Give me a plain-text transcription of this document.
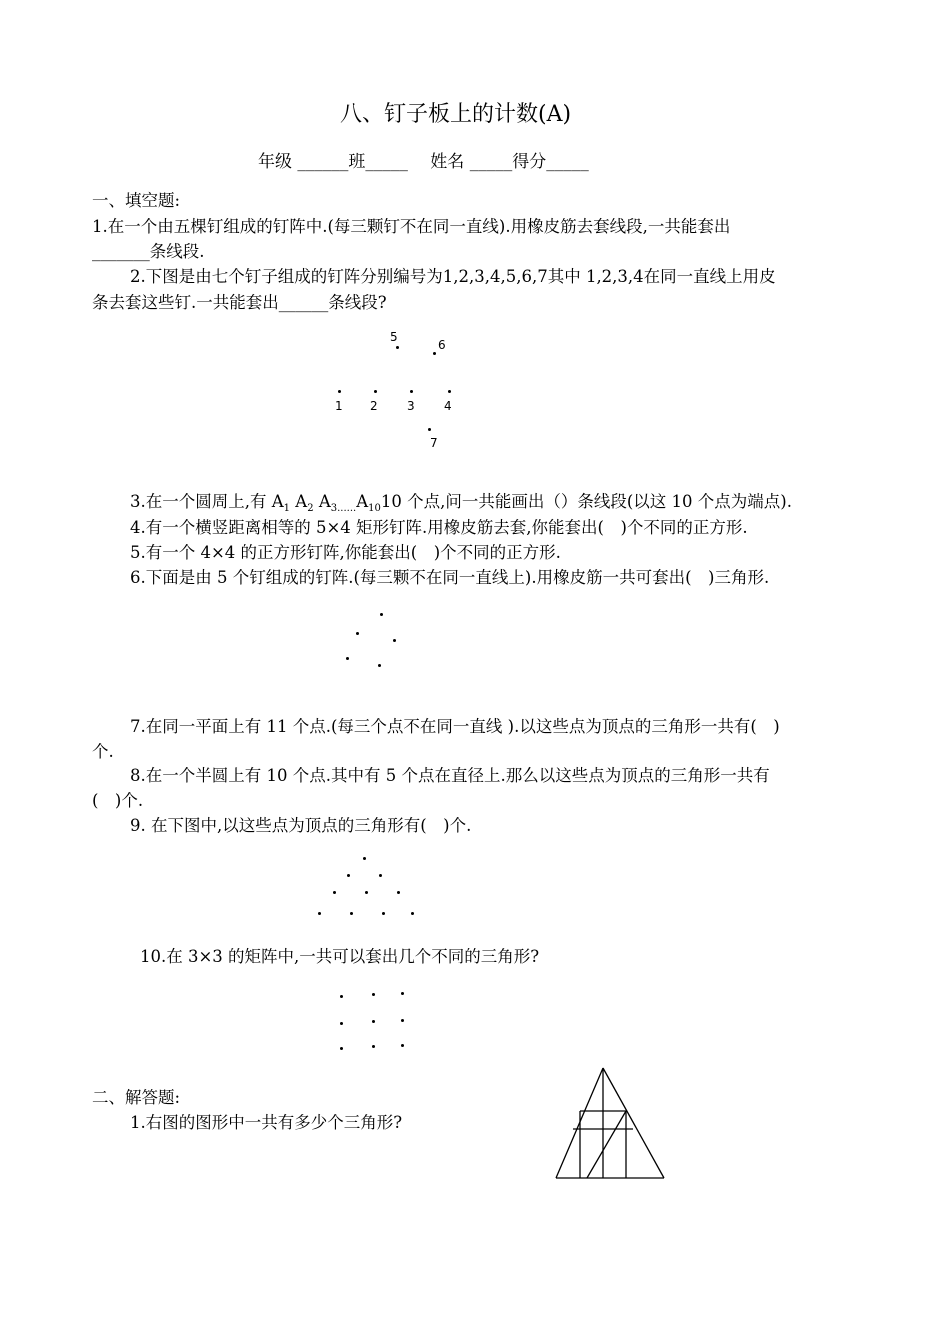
八、钉子板上的计数(A)
年级 ______班_____　 姓名 _____得分_____
一、填空题:
1.在一个由五棵钉组成的钉阵中.(每三颗钉不在同一直线).用橡皮筋去套线段,一共能套出
_______条线段.
2.下图是由七个钉子组成的钉阵分别编号为1,2,3,4,5,6,7其中 1,2,3,4在同一直线上用皮
条去套这些钉.一共能套出______条线段?
5
6
1 2 3 4
7
3.在一个圆周上,有 $A_1$ $A_2$ $A_{3......}A_{10}10$ 个点,问一共能画出（）条线段(以这 10 个点为端点).
4.有一个横竖距离相等的 5×4 矩形钉阵.用橡皮筋去套,你能套出(　)个不同的正方形.
5.有一个 4×4 的正方形钉阵,你能套出(　)个不同的正方形.
6.下面是由 5 个钉组成的钉阵.(每三颗不在同一直线上).用橡皮筋一共可套出(　)三角形.
7.在同一平面上有 11 个点.(每三个点不在同一直线 ).以这些点为顶点的三角形一共有(　)
个.
8.在一个半圆上有 10 个点.其中有 5 个点在直径上.那么以这些点为顶点的三角形一共有
(　)个.
9. 在下图中,以这些点为顶点的三角形有(　)个.
10.在 3×3 的矩阵中,一共可以套出几个不同的三角形?
二、解答题:
1.右图的图形中一共有多少个三角形?
